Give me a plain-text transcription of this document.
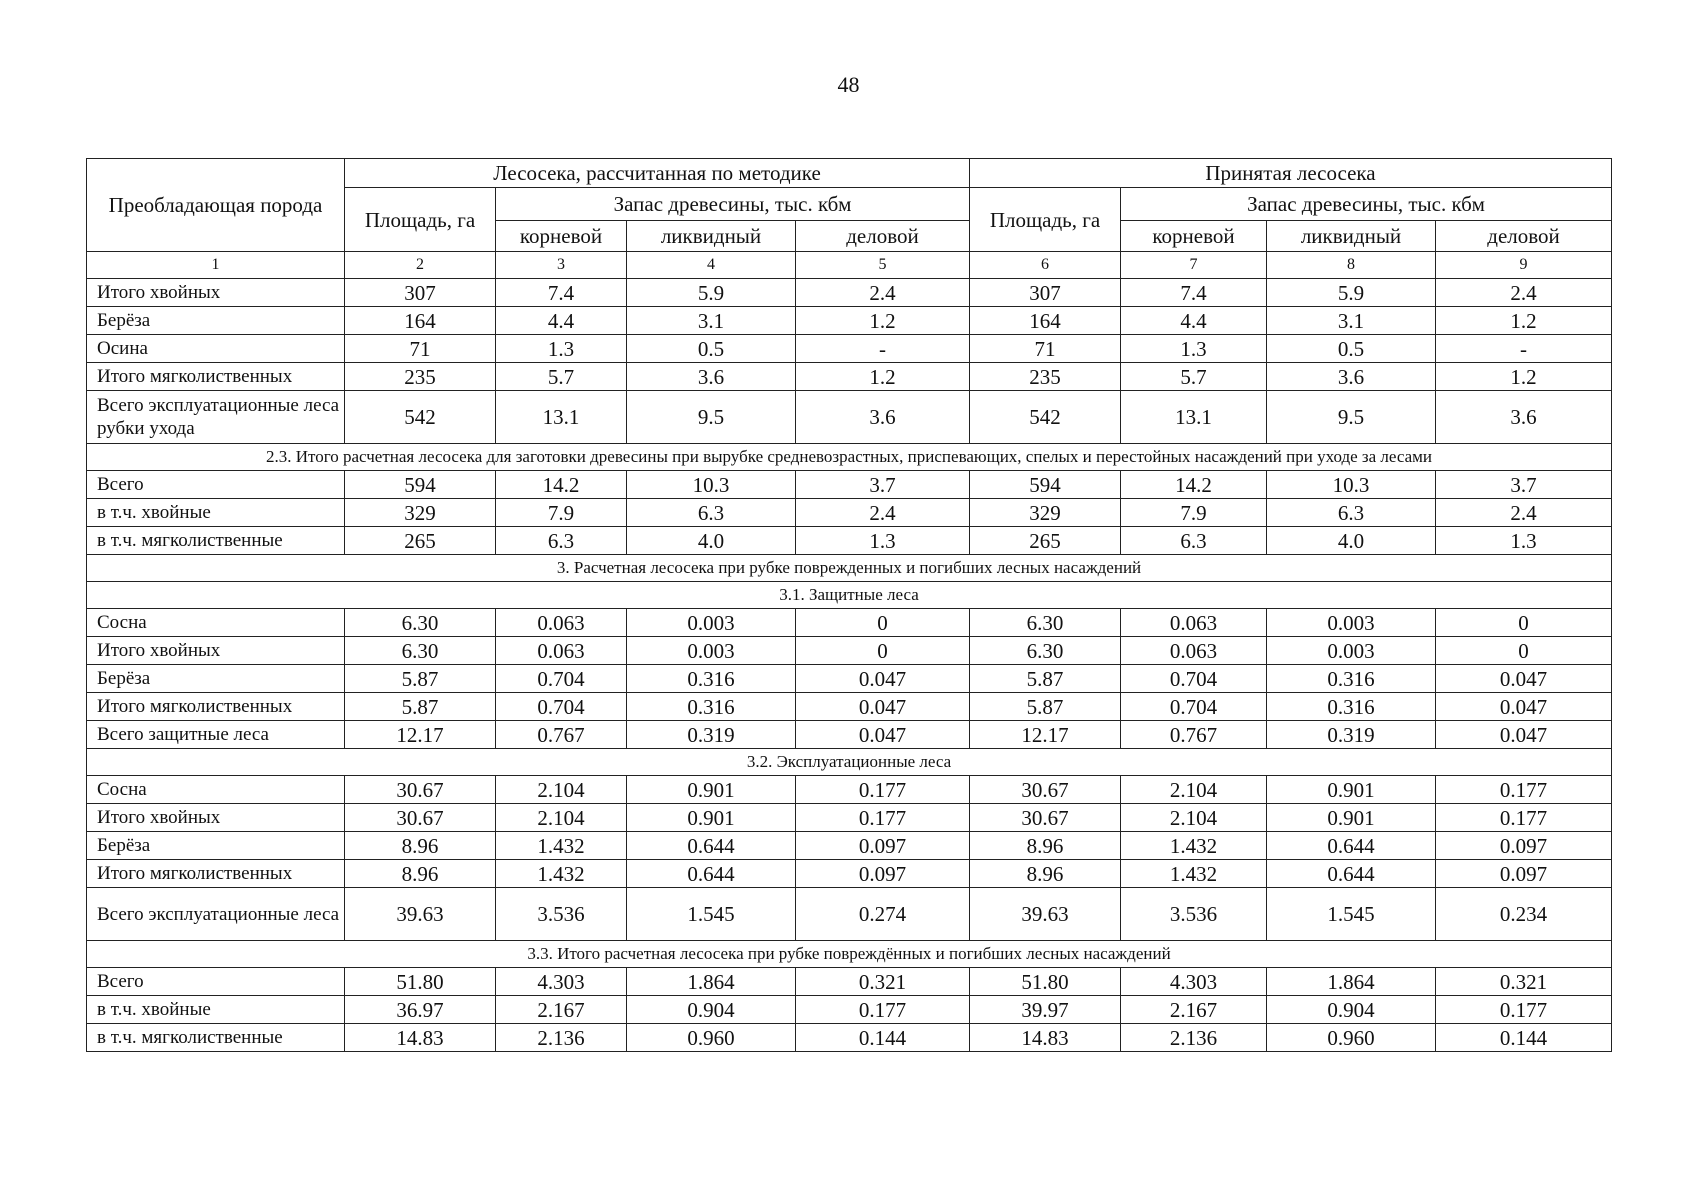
48
Преобладающая порода	Лесосека, рассчитанная по методике				Принятая лесосека			
	Площадь, га	Запас древесины, тыс. кбм			Площадь, га	Запас древесины, тыс. кбм		
		корневой	ликвидный	деловой		корневой	ликвидный	деловой
1	2	3	4	5	6	7	8	9
Итого хвойных	307	7.4	5.9	2.4	307	7.4	5.9	2.4
Берёза	164	4.4	3.1	1.2	164	4.4	3.1	1.2
Осина	71	1.3	0.5	-	71	1.3	0.5	-
Итого мягколиственных	235	5.7	3.6	1.2	235	5.7	3.6	1.2
Всего эксплуатационные леса рубки ухода	542	13.1	9.5	3.6	542	13.1	9.5	3.6
2.3. Итого расчетная лесосека для заготовки древесины при вырубке средневозрастных, приспевающих, спелых и перестойных насаждений при уходе за лесами								
Всего	594	14.2	10.3	3.7	594	14.2	10.3	3.7
в т.ч. хвойные	329	7.9	6.3	2.4	329	7.9	6.3	2.4
в т.ч. мягколиственные	265	6.3	4.0	1.3	265	6.3	4.0	1.3
3. Расчетная лесосека при рубке поврежденных и погибших лесных насаждений								
3.1. Защитные леса								
Сосна	6.30	0.063	0.003	0	6.30	0.063	0.003	0
Итого хвойных	6.30	0.063	0.003	0	6.30	0.063	0.003	0
Берёза	5.87	0.704	0.316	0.047	5.87	0.704	0.316	0.047
Итого мягколиственных	5.87	0.704	0.316	0.047	5.87	0.704	0.316	0.047
Всего защитные леса	12.17	0.767	0.319	0.047	12.17	0.767	0.319	0.047
3.2. Эксплуатационные леса								
Сосна	30.67	2.104	0.901	0.177	30.67	2.104	0.901	0.177
Итого хвойных	30.67	2.104	0.901	0.177	30.67	2.104	0.901	0.177
Берёза	8.96	1.432	0.644	0.097	8.96	1.432	0.644	0.097
Итого мягколиственных	8.96	1.432	0.644	0.097	8.96	1.432	0.644	0.097
Всего эксплуатационные леса	39.63	3.536	1.545	0.274	39.63	3.536	1.545	0.234
3.3. Итого расчетная лесосека при рубке повреждённых и погибших лесных насаждений								
Всего	51.80	4.303	1.864	0.321	51.80	4.303	1.864	0.321
в т.ч. хвойные	36.97	2.167	0.904	0.177	39.97	2.167	0.904	0.177
в т.ч. мягколиственные	14.83	2.136	0.960	0.144	14.83	2.136	0.960	0.144
